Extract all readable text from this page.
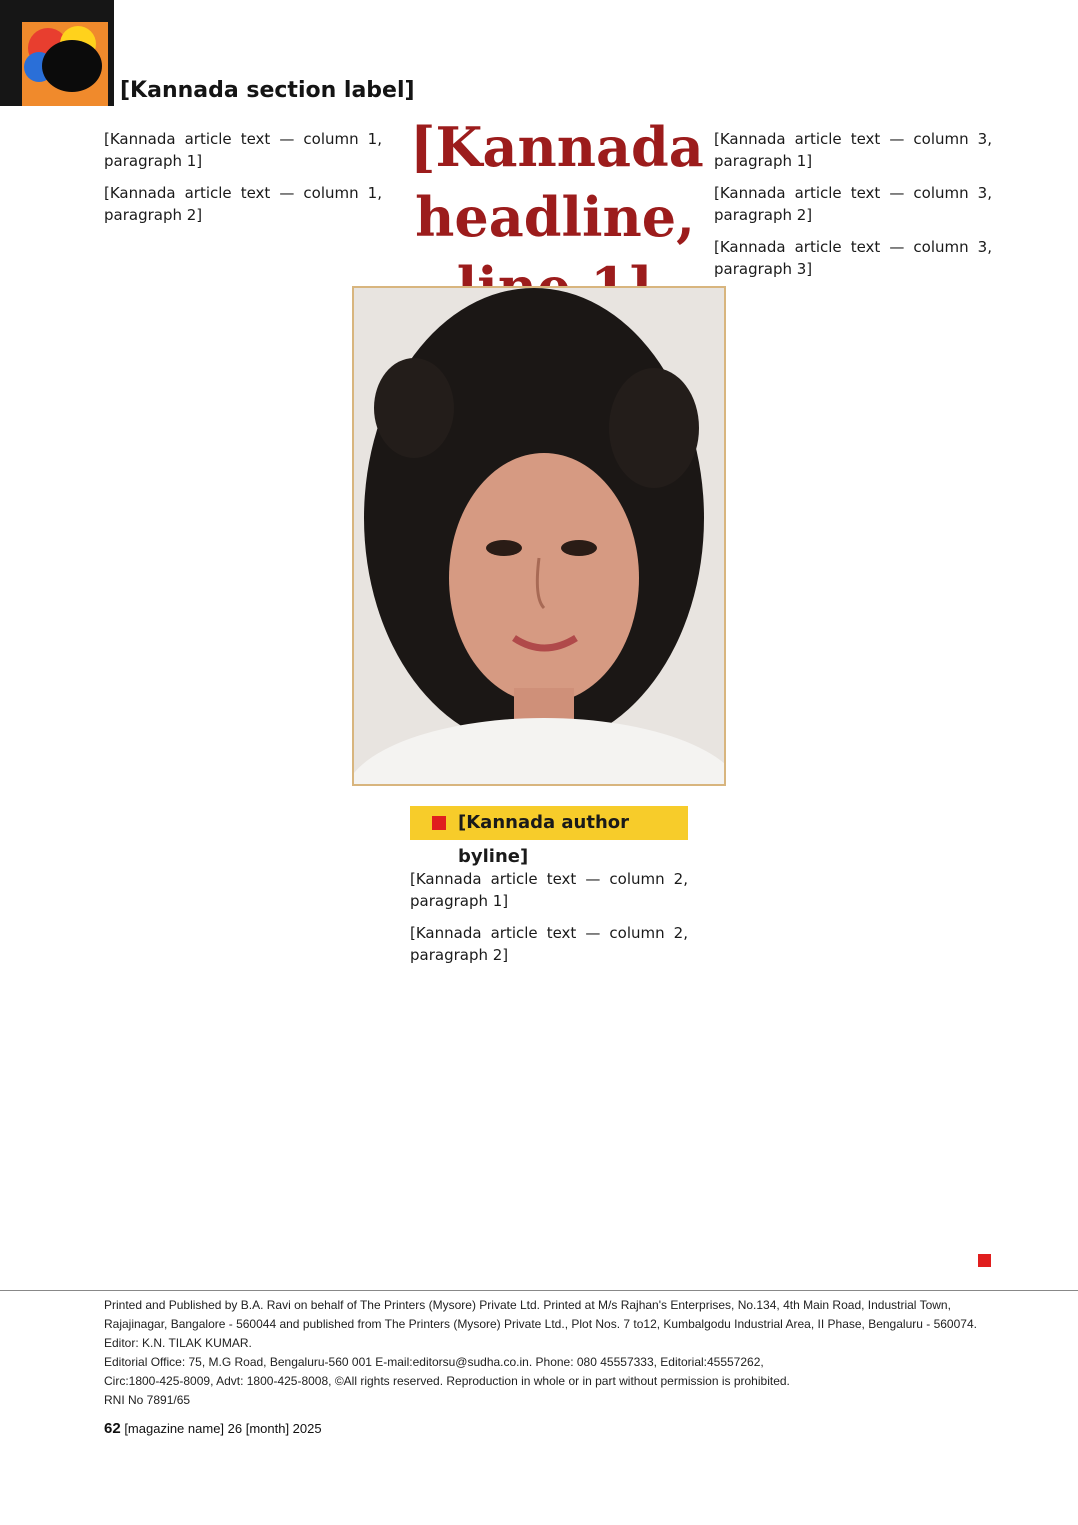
[Kannada section label]

[Kannada article text — column 1, paragraph 1]

[Kannada article text — column 1, paragraph 2]

[Kannada headline,
[Kannada author byline]

[Kannada article text — column 2, paragraph 1]

[Kannada article text — column 2, paragraph 2]

[Kannada article text — column 3, paragraph 1]

[Kannada article text — column 3, paragraph 2]

[Kannada article text — column 3, paragraph 3]

Printed and Published by B.A. Ravi on behalf of The Printers (Mysore) Private Ltd. Printed at M/s Rajhan's Enterprises, No.134, 4th Main Road, Industrial Town, Rajajinagar, Bangalore - 560044 and published from The Printers (Mysore) Private Ltd., Plot Nos. 7 to12, Kumbalgodu Industrial Area, II Phase, Bengaluru - 560074. Editor: K.N. TILAK KUMAR.

Editorial Office: 75, M.G Road, Bengaluru-560 001 E-mail:editorsu@sudha.co.in. Phone: 080 45557333, Editorial:45557262,

Circ:1800-425-8009, Advt: 1800-425-8008, ©All rights reserved. Reproduction in whole or in part without permission is prohibited.

RNI No 7891/65

62 [magazine name] 26 [month] 2025
